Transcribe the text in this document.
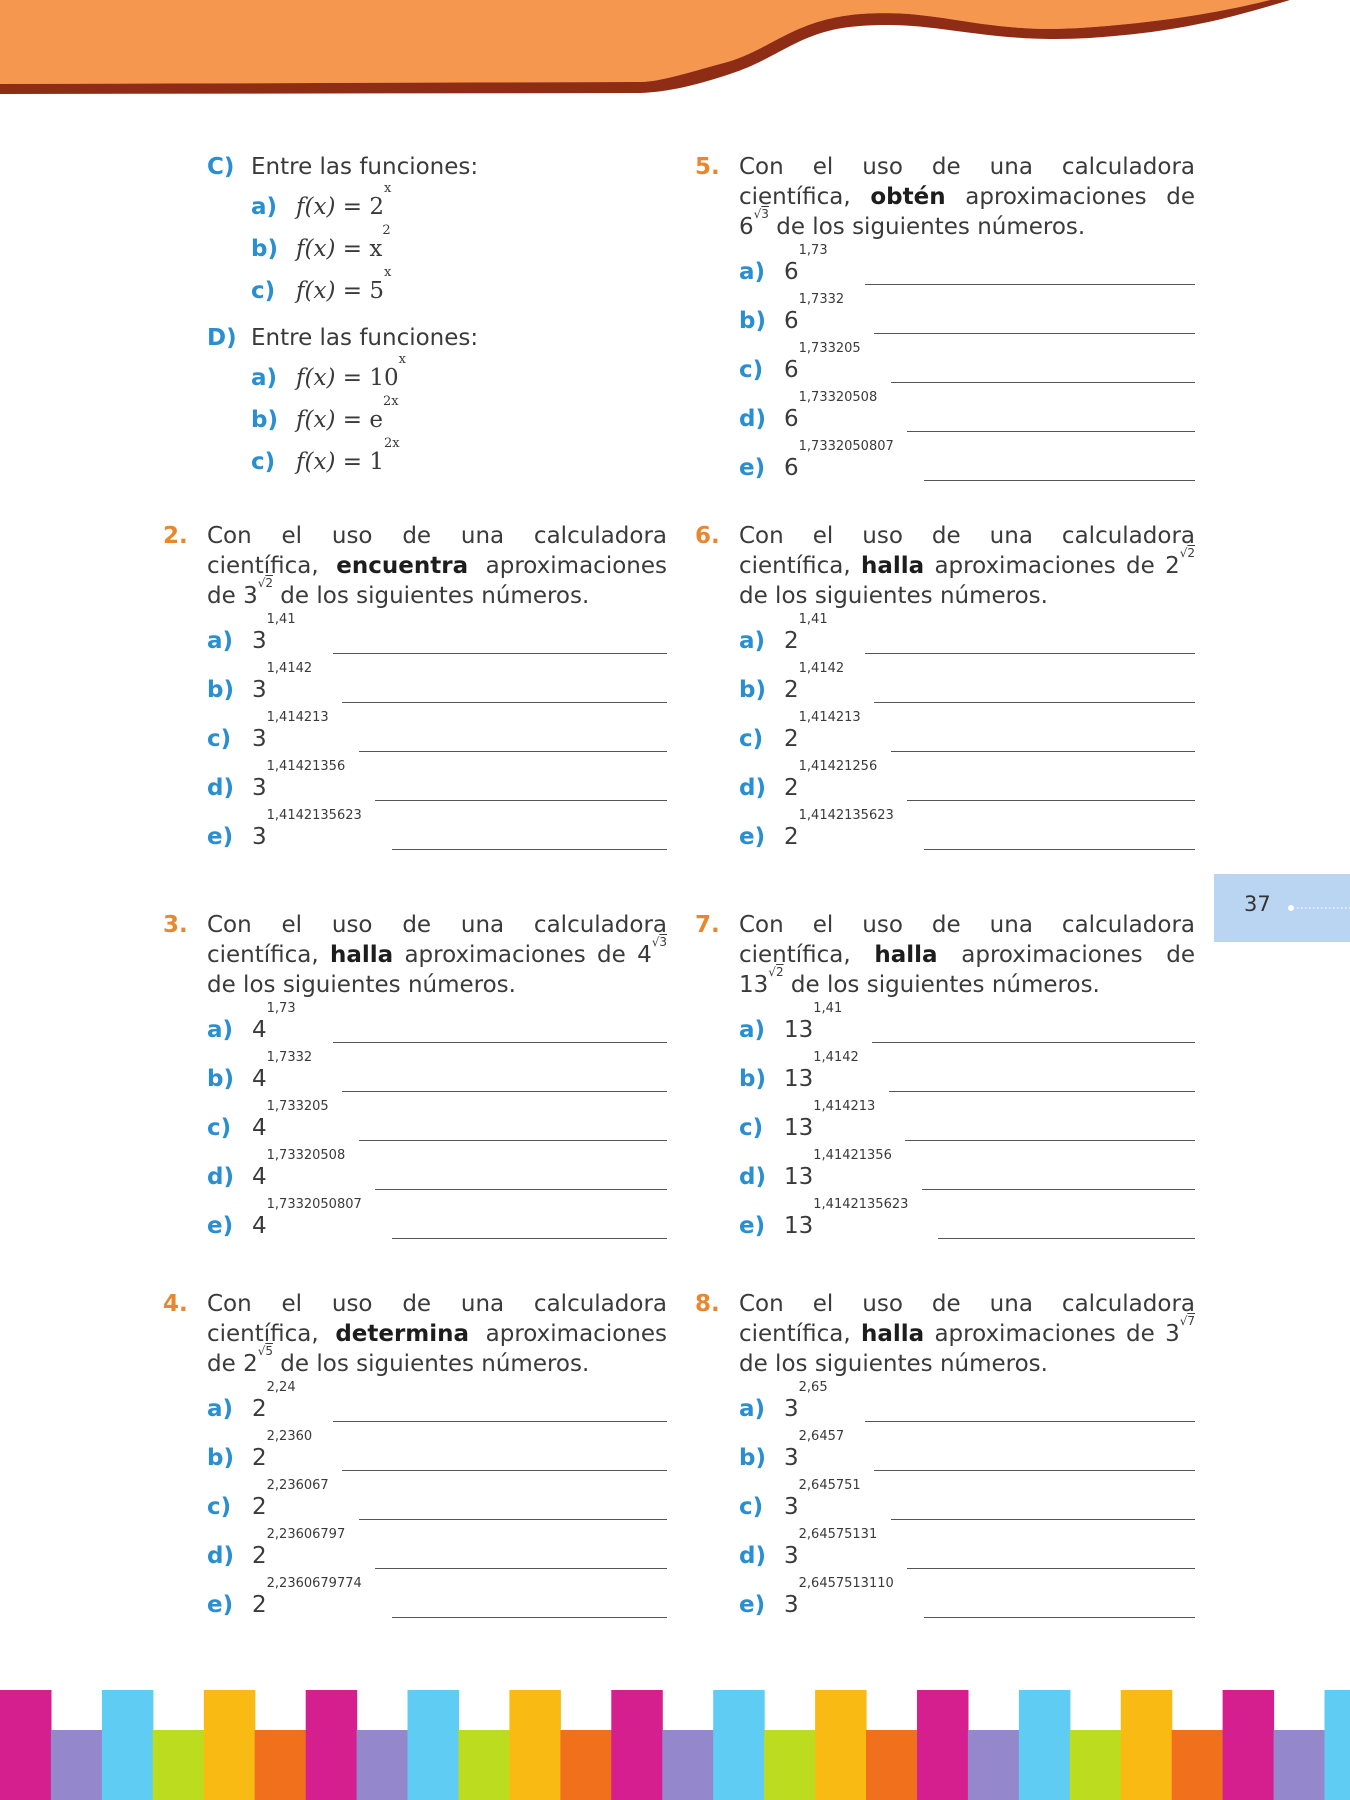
37
C) Entre las funciones:
a) $f(x) = 2^x$
b) $f(x) = x^2$
c) $f(x) = 5^x$
D) Entre las funciones:
a) $f(x) = 10^x$
b) $f(x) = e^{2x}$
c) $f(x) = 1^{2x}$
2. Con el uso de una calculadora científica, encuentra aproximaciones de $3^{√2}$ de los siguientes números.
a) 3$^{1,41}$
b) $3^{1,4142}$
c) $3^{1,414213}$
d) $3^{1,41421356}$
e) $3^{1,4142135623}$
3. Con el uso de una calculadora científica, halla aproximaciones de $4^{√3}$ de los siguientes números.
a) 4$^{1,73}$
b) $4^{1,7332}$
c) $4^{1,733205}$
d) $4^{1,73320508}$
e) $4^{1,7332050807}$
4. Con el uso de una calculadora científica, determina aproximaciones de $2^{√5}$ de los siguientes números.
a) 2$^{2,24}$
b) $2^{2,2360}$
c) $2^{2,236067}$
d) $2^{2,23606797}$
e) $2^{2,2360679774}$
5. Con el uso de una calculadora científica, obtén aproximaciones de $6^{√3}$ de los siguientes números.
a) 6$^{1,73}$
b) $6^{1,7332}$
c) $6^{1,733205}$
d) $6^{1,73320508}$
e) $6^{1,7332050807}$
6. Con el uso de una calculadora científica, halla aproximaciones de $2^{√2}$ de los siguientes números.
a) 2$^{1,41}$
b) $2^{1,4142}$
c) $2^{1,414213}$
d) $2^{1,41421256}$
e) $2^{1,4142135623}$
7. Con el uso de una calculadora científica, halla aproximaciones de $13^{√2}$ de los siguientes números.
a) 13$^{1,41}$
b) $13^{1,4142}$
c) $13^{1,414213}$
d) $13^{1,41421356}$
e) $13^{1,4142135623}$
8. Con el uso de una calculadora científica, halla aproximaciones de $3^{√7}$ de los siguientes números.
a) 3$^{2,65}$
b) $3^{2,6457}$
c) $3^{2,645751}$
d) $3^{2,64575131}$
e) $3^{2,6457513110}$
